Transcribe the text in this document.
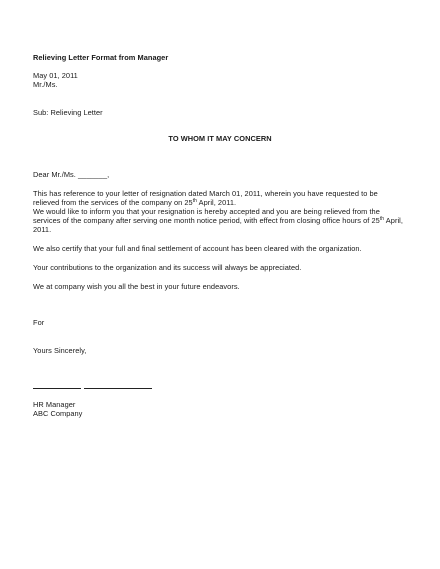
Relieving Letter Format from Manager
May 01, 2011
Mr./Ms.
Sub: Relieving Letter
TO WHOM IT MAY CONCERN
Dear Mr./Ms. _______,
This has reference to your letter of resignation dated March 01, 2011, wherein you have requested to be
relieved from the services of the company on 25th April, 2011.
We would like to inform you that your resignation is hereby accepted and you are being relieved from the
services of the company after serving one month notice period, with effect from closing office hours of 25th April,
2011.
We also certify that your full and final settlement of account has been cleared with the organization.
Your contributions to the organization and its success will always be appreciated.
We at company wish you all the best in your future endeavors.
For
Yours Sincerely,
HR Manager
ABC Company
